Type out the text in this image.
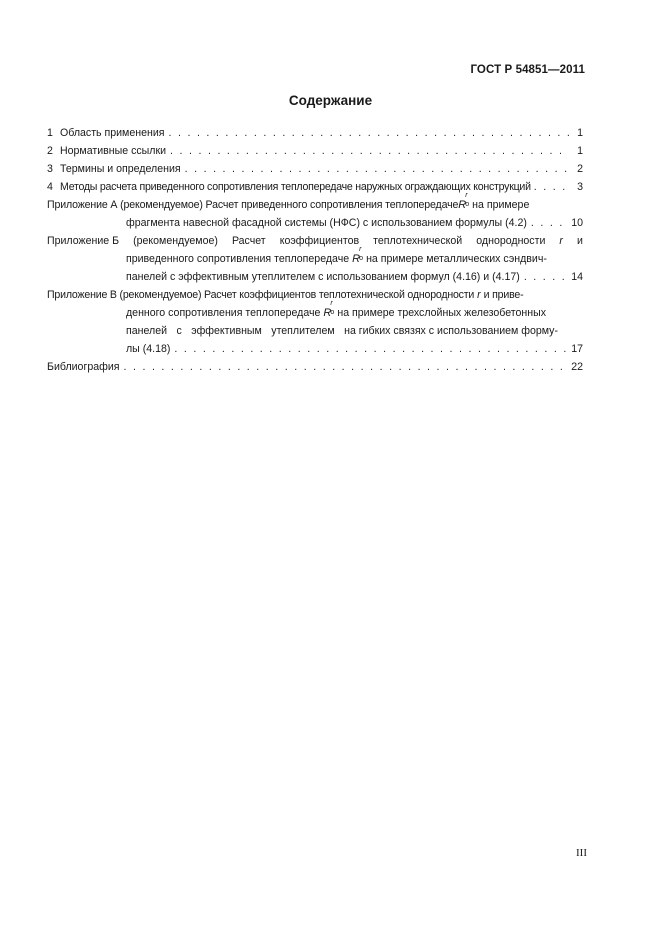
ГОСТ Р 54851—2011
Содержание
1 Область применения . . .	1
2 Нормативные ссылки . . .	1
3 Термины и определения . . .	2
4 Методы расчета приведенного сопротивления теплопередаче наружных ограждающих конструкций . . .	3
Приложение А (рекомендуемое) Расчет приведенного сопротивления теплопередаче R
r
о на примере
фрагмента навесной фасадной системы (НФС) с использованием формулы (4.2) . . .	10
Приложение Б (рекомендуемое) Расчет коэффициентов теплотехнической однородности r и
приведенного сопротивления теплопередаче R
r
о на примере металлических сэндвич-
панелей с эффективным утеплителем с использованием формул (4.16) и (4.17) . . .	14
Приложение В (рекомендуемое) Расчет коэффициентов теплотехнической однородности r и приве-
денного сопротивления теплопередаче R
r
о на примере трехслойных железобетонных
панелей с эффективным утеплителем на гибких связях с использованием форму-
лы (4.18) . . .	17
Библиография . . .	22
III
